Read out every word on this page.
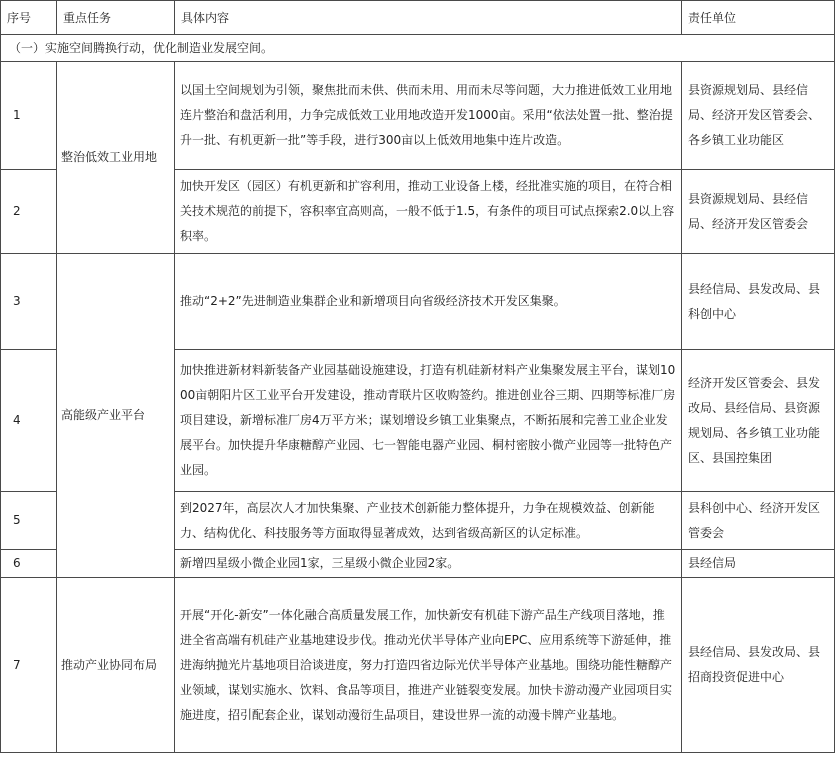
序号	重点任务	具体内容	责任单位
（一）实施空间腾换行动，优化制造业发展空间。			
1	整治低效工业用地	以国土空间规划为引领，聚焦批而未供、供而未用、用而未尽等问题，大力推进低效工业用地连片整治和盘活利用，力争完成低效工业用地改造开发1000亩。采用“依法处置一批、整治提升一批、有机更新一批”等手段，进行300亩以上低效用地集中连片改造。	县资源规划局、县经信局、经济开发区管委会、各乡镇工业功能区
2		加快开发区（园区）有机更新和扩容利用，推动工业设备上楼，经批准实施的项目，在符合相关技术规范的前提下，容积率宜高则高，一般不低于1.5，有条件的项目可试点探索2.0以上容积率。	县资源规划局、县经信局、经济开发区管委会
3	高能级产业平台	推动“2+2”先进制造业集群企业和新增项目向省级经济技术开发区集聚。	县经信局、县发改局、县科创中心
4		加快推进新材料新装备产业园基础设施建设，打造有机硅新材料产业集聚发展主平台，谋划1000亩朝阳片区工业平台开发建设，推动青联片区收购签约。推进创业谷三期、四期等标准厂房项目建设，新增标准厂房4万平方米；谋划增设乡镇工业集聚点，不断拓展和完善工业企业发展平台。加快提升华康糖醇产业园、七一智能电器产业园、桐村密胺小微产业园等一批特色产业园。	经济开发区管委会、县发改局、县经信局、县资源规划局、各乡镇工业功能区、县国控集团
5		到2027年，高层次人才加快集聚、产业技术创新能力整体提升，力争在规模效益、创新能力、结构优化、科技服务等方面取得显著成效，达到省级高新区的认定标准。	县科创中心、经济开发区管委会
6		新增四星级小微企业园1家，三星级小微企业园2家。	县经信局
7	推动产业协同布局	开展“开化-新安”一体化融合高质量发展工作，加快新安有机硅下游产品生产线项目落地，推进全省高端有机硅产业基地建设步伐。推动光伏半导体产业向EPC、应用系统等下游延伸，推进海纳抛光片基地项目洽谈进度，努力打造四省边际光伏半导体产业基地。围绕功能性糖醇产业领域，谋划实施水、饮料、食品等项目，推进产业链裂变发展。加快卡游动漫产业园项目实施进度，招引配套企业，谋划动漫衍生品项目，建设世界一流的动漫卡牌产业基地。	县经信局、县发改局、县招商投资促进中心
